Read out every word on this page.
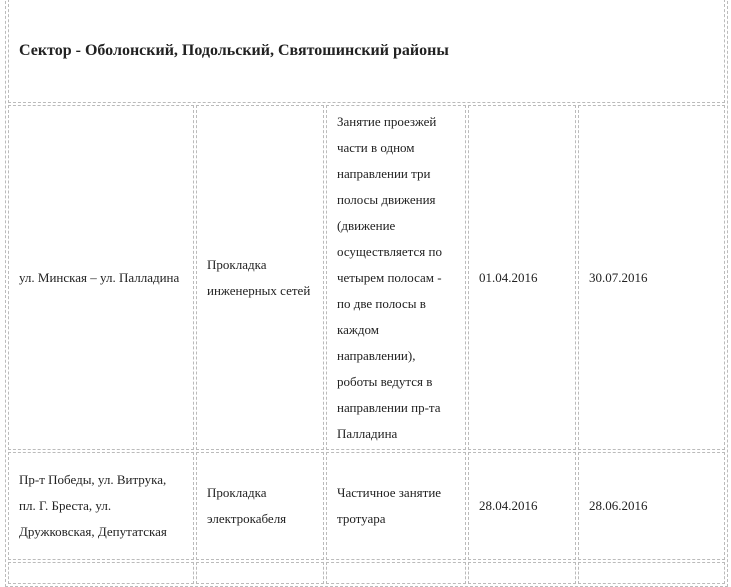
Сектор - Оболонский, Подольский, Святошинский районы				
ул. Минская – ул. Палладина	Прокладка инженерных сетей	Занятие проезжей части в одном направлении три полосы движения (движение осуществляется по четырем полосам - по две полосы в каждом направлении), роботы ведутся в направлении пр-та Палладина	01.04.2016	30.07.2016
Пр-т Победы, ул. Витрука, пл. Г. Бреста, ул. Дружковская, Депутатская	Прокладка электрокабеля	Частичное занятие тротуара	28.04.2016	28.06.2016
